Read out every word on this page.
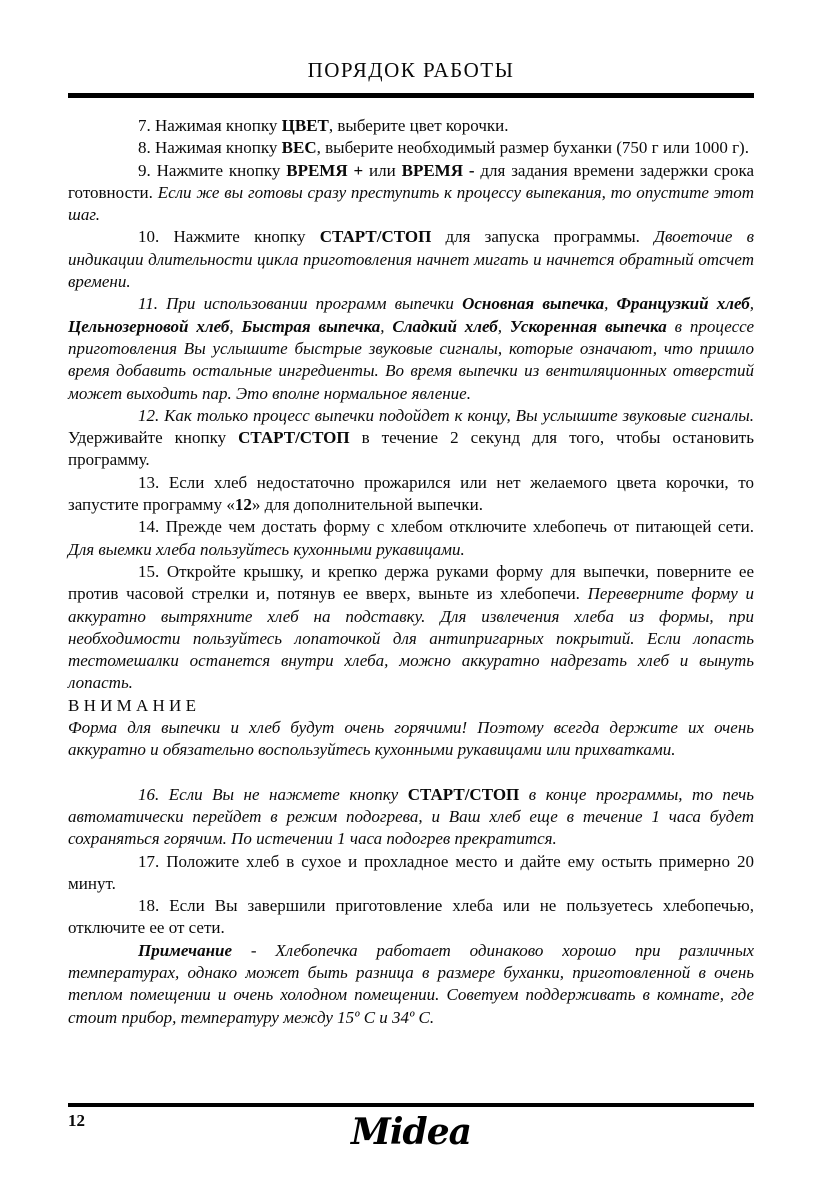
ПОРЯДОК РАБОТЫ

7. Нажимая кнопку ЦВЕТ, выберите цвет корочки.

8. Нажимая кнопку ВЕС, выберите необходимый размер буханки (750 г или 1000 г).

9. Нажмите кнопку ВРЕМЯ + или ВРЕМЯ - для задания времени задержки срока готовности. Если же вы готовы сразу преступить к процессу выпекания, то опустите этот шаг.

10. Нажмите кнопку СТАРТ/СТОП для запуска программы. Двоеточие в индикации длительности цикла приготовления начнет мигать и начнется обратный отсчет времени.

11. При использовании программ выпечки Основная выпечка, Французкий хлеб, Цельнозерновой хлеб, Быстрая выпечка, Сладкий хлеб, Ускоренная выпечка в процессе приготовления Вы услышите быстрые звуковые сигналы, которые означают, что пришло время добавить остальные ингредиенты. Во время выпечки из вентиляционных отверстий может выходить пар. Это вполне нормальное явление.

12. Как только процесс выпечки подойдет к концу, Вы услышите звуковые сигналы. Удерживайте кнопку СТАРТ/СТОП в течение 2 секунд для того, чтобы остановить программу.

13. Если хлеб недостаточно прожарился или нет желаемого цвета корочки, то запустите программу «12» для дополнительной выпечки.

14. Прежде чем достать форму с хлебом отключите хлебопечь от питающей сети. Для выемки хлеба пользуйтесь кухонными рукавицами.

15. Откройте крышку, и крепко держа руками форму для выпечки, поверните ее против часовой стрелки и, потянув ее вверх, выньте из хлебопечи. Переверните форму и аккуратно вытряхните хлеб на подставку. Для извлечения хлеба из формы, при необходимости пользуйтесь лопаточкой для антипригарных покрытий. Если лопасть тестомешалки останется внутри хлеба, можно аккуратно надрезать хлеб и вынуть лопасть.

В Н И М А Н И Е

Форма для выпечки и хлеб будут очень горячими! Поэтому всегда держите их очень аккуратно и обязательно воспользуйтесь кухонными рукавицами или прихватками.

16. Если Вы не нажмете кнопку СТАРТ/СТОП в конце программы, то печь автоматически перейдет в режим подогрева, и Ваш хлеб еще в течение 1 часа будет сохраняться горячим. По истечении 1 часа подогрев прекратится.

17. Положите хлеб в сухое и прохладное место и дайте ему остыть примерно 20 минут.

18. Если Вы завершили приготовление хлеба или не пользуетесь хлебопечью, отключите ее от сети.

Примечание - Хлебопечка работает одинаково хорошо при различных температурах, однако может быть разница в размере буханки, приготовленной в очень теплом помещении и очень холодном помещении. Советуем поддерживать в комнате, где стоит прибор, температуру между 15º С и 34º С.

12	Midea
